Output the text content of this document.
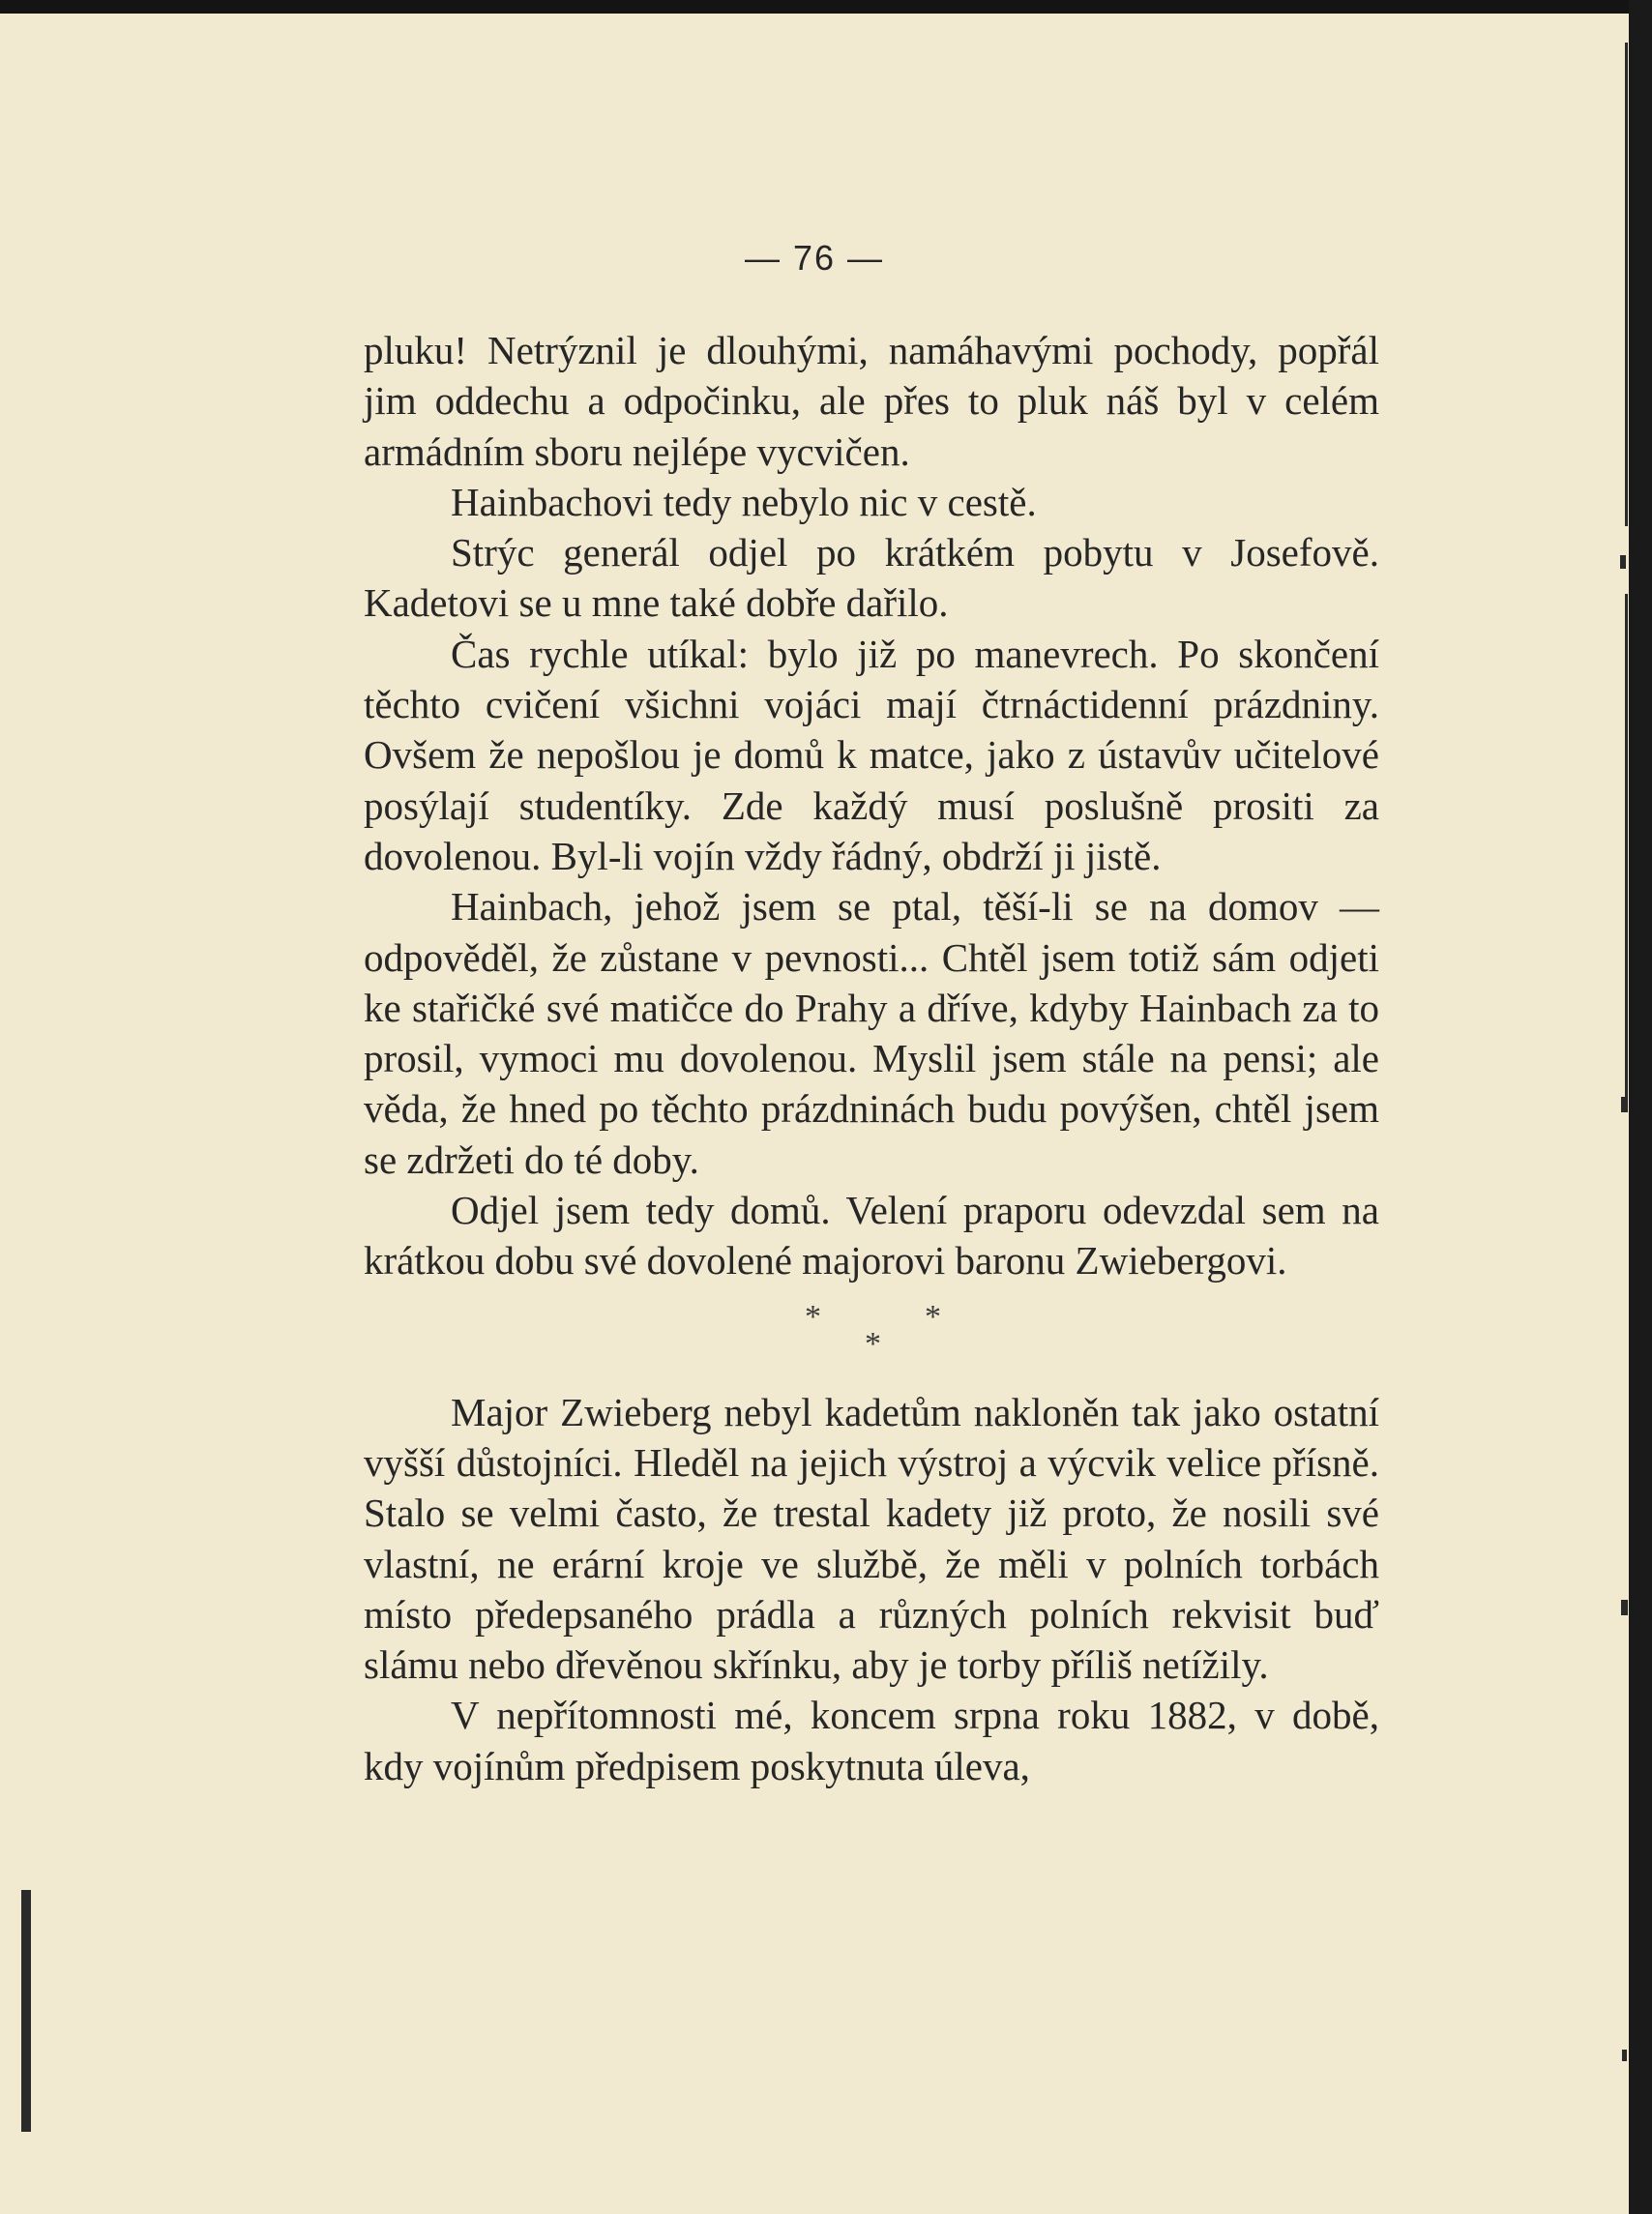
— 76 —

pluku! Netrýznil je dlouhými, namáhavými pochody, popřál jim oddechu a odpočinku, ale přes to pluk náš byl v celém armádním sboru nejlépe vycvičen.

Hainbachovi tedy nebylo nic v cestě.

Strýc generál odjel po krátkém pobytu v Josefově. Kadetovi se u mne také dobře dařilo.

Čas rychle utíkal: bylo již po manevrech. Po skončení těchto cvičení všichni vojáci mají čtrnáctidenní prázdniny. Ovšem že nepošlou je domů k matce, jako z ústavův učitelové posýlají studentíky. Zde každý musí poslušně prositi za dovolenou. Byl-li vojín vždy řádný, obdrží ji jistě.

Hainbach, jehož jsem se ptal, těší-li se na domov — odpověděl, že zůstane v pevnosti... Chtěl jsem totiž sám odjeti ke stařičké své matičce do Prahy a dříve, kdyby Hainbach za to prosil, vymoci mu dovolenou. Myslil jsem stále na pensi; ale věda, že hned po těchto prázdninách budu povýšen, chtěl jsem se zdržeti do té doby.

Odjel jsem tedy domů. Velení praporu odevzdal sem na krátkou dobu své dovolené majorovi baronu Zwiebergovi.

*	*
*

Major Zwieberg nebyl kadetům nakloněn tak jako ostatní vyšší důstojníci. Hleděl na jejich výstroj a výcvik velice přísně. Stalo se velmi často, že trestal kadety již proto, že nosili své vlastní, ne erární kroje ve službě, že měli v polních torbách místo předepsaného prádla a různých polních rekvisit buď slámu nebo dřevěnou skřínku, aby je torby příliš netížily.

V nepřítomnosti mé, koncem srpna roku 1882, v době, kdy vojínům předpisem poskytnuta úleva,
